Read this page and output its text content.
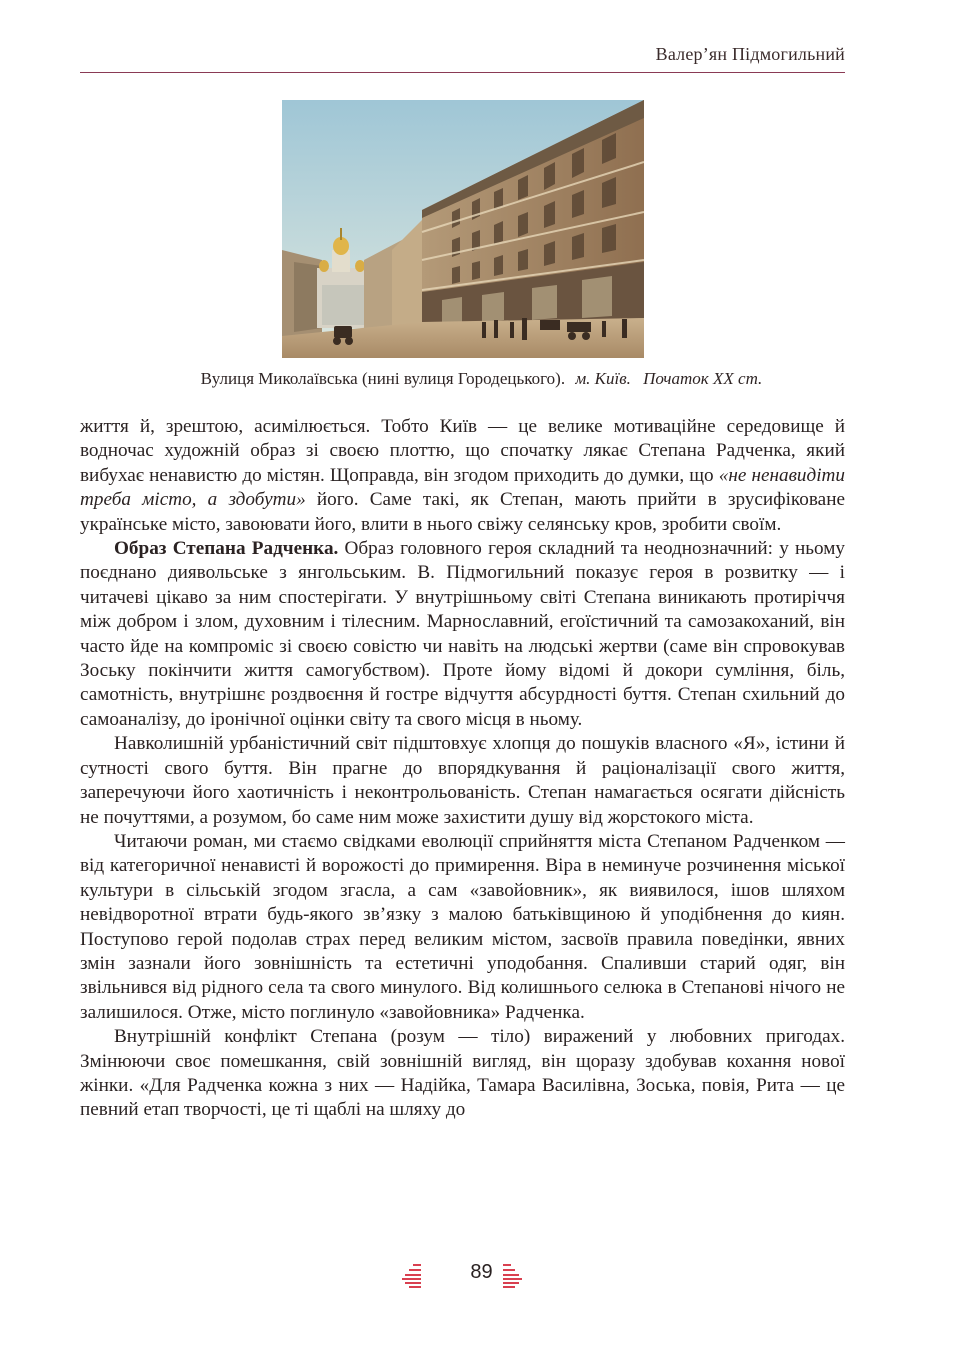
Валер’ян Підмогильний
Вулиця Миколаївська (нині вулиця Городецького). м. Київ. Початок XX ст.

життя й, зрештою, асимілюється. Тобто Київ — це велике мотиваційне середовище й водночас художній образ зі своєю плоттю, що спочатку лякає Степана Радченка, який вибухає ненавистю до містян. Щоправда, він згодом приходить до думки, що «не ненавидіти треба місто, а здобути» його. Саме такі, як Степан, мають прийти в зрусифіковане українське місто, завоювати його, влити в нього свіжу селянську кров, зробити своїм.

Образ Степана Радченка. Образ головного героя складний та неоднозначний: у ньому поєднано диявольське з янгольським. В. Підмогильний показує героя в розвитку — і читачеві цікаво за ним спостерігати. У внутрішньому світі Степана виникають протиріччя між добром і злом, духовним і тілесним. Марнославний, егоїстичний та самозакоханий, він часто йде на компроміс зі своєю совістю чи навіть на людські жертви (саме він спровокував Зоську покінчити життя самогубством). Проте йому відомі й докори сумління, біль, самотність, внутрішнє роздвоєння й гостре відчуття абсурдності буття. Степан схильний до самоаналізу, до іронічної оцінки світу та свого місця в ньому.

Навколишній урбаністичний світ підштовхує хлопця до пошуків власного «Я», істини й сутності свого буття. Він прагне до впорядкування й раціоналізації свого життя, заперечуючи його хаотичність і неконтрольованість. Степан намагається осягати дійсність не почуттями, а розумом, бо саме ним може захистити душу від жорстокого міста.

Читаючи роман, ми стаємо свідками еволюції сприйняття міста Степаном Радченком — від категоричної ненависті й ворожості до примирення. Віра в неминуче розчинення міської культури в сільській згодом згасла, а сам «завойовник», як виявилося, ішов шляхом невідворотної втрати будь-якого зв’язку з малою батьківщиною й уподібнення до киян. Поступово герой подолав страх перед великим містом, засвоїв правила поведінки, явних змін зазнали його зовнішність та естетичні уподобання. Спаливши старий одяг, він звільнився від рідного села та свого минулого. Від колишнього селюка в Степанові нічого не залишилося. Отже, місто поглинуло «завойовника» Радченка.

Внутрішній конфлікт Степана (розум — тіло) виражений у любовних пригодах. Змінюючи своє помешкання, свій зовнішній вигляд, він щоразу здобував кохання нової жінки. «Для Радченка кожна з них — Надійка, Тамара Василівна, Зоська, повія, Рита — це певний етап творчості, це ті щаблі на шляху до

89
